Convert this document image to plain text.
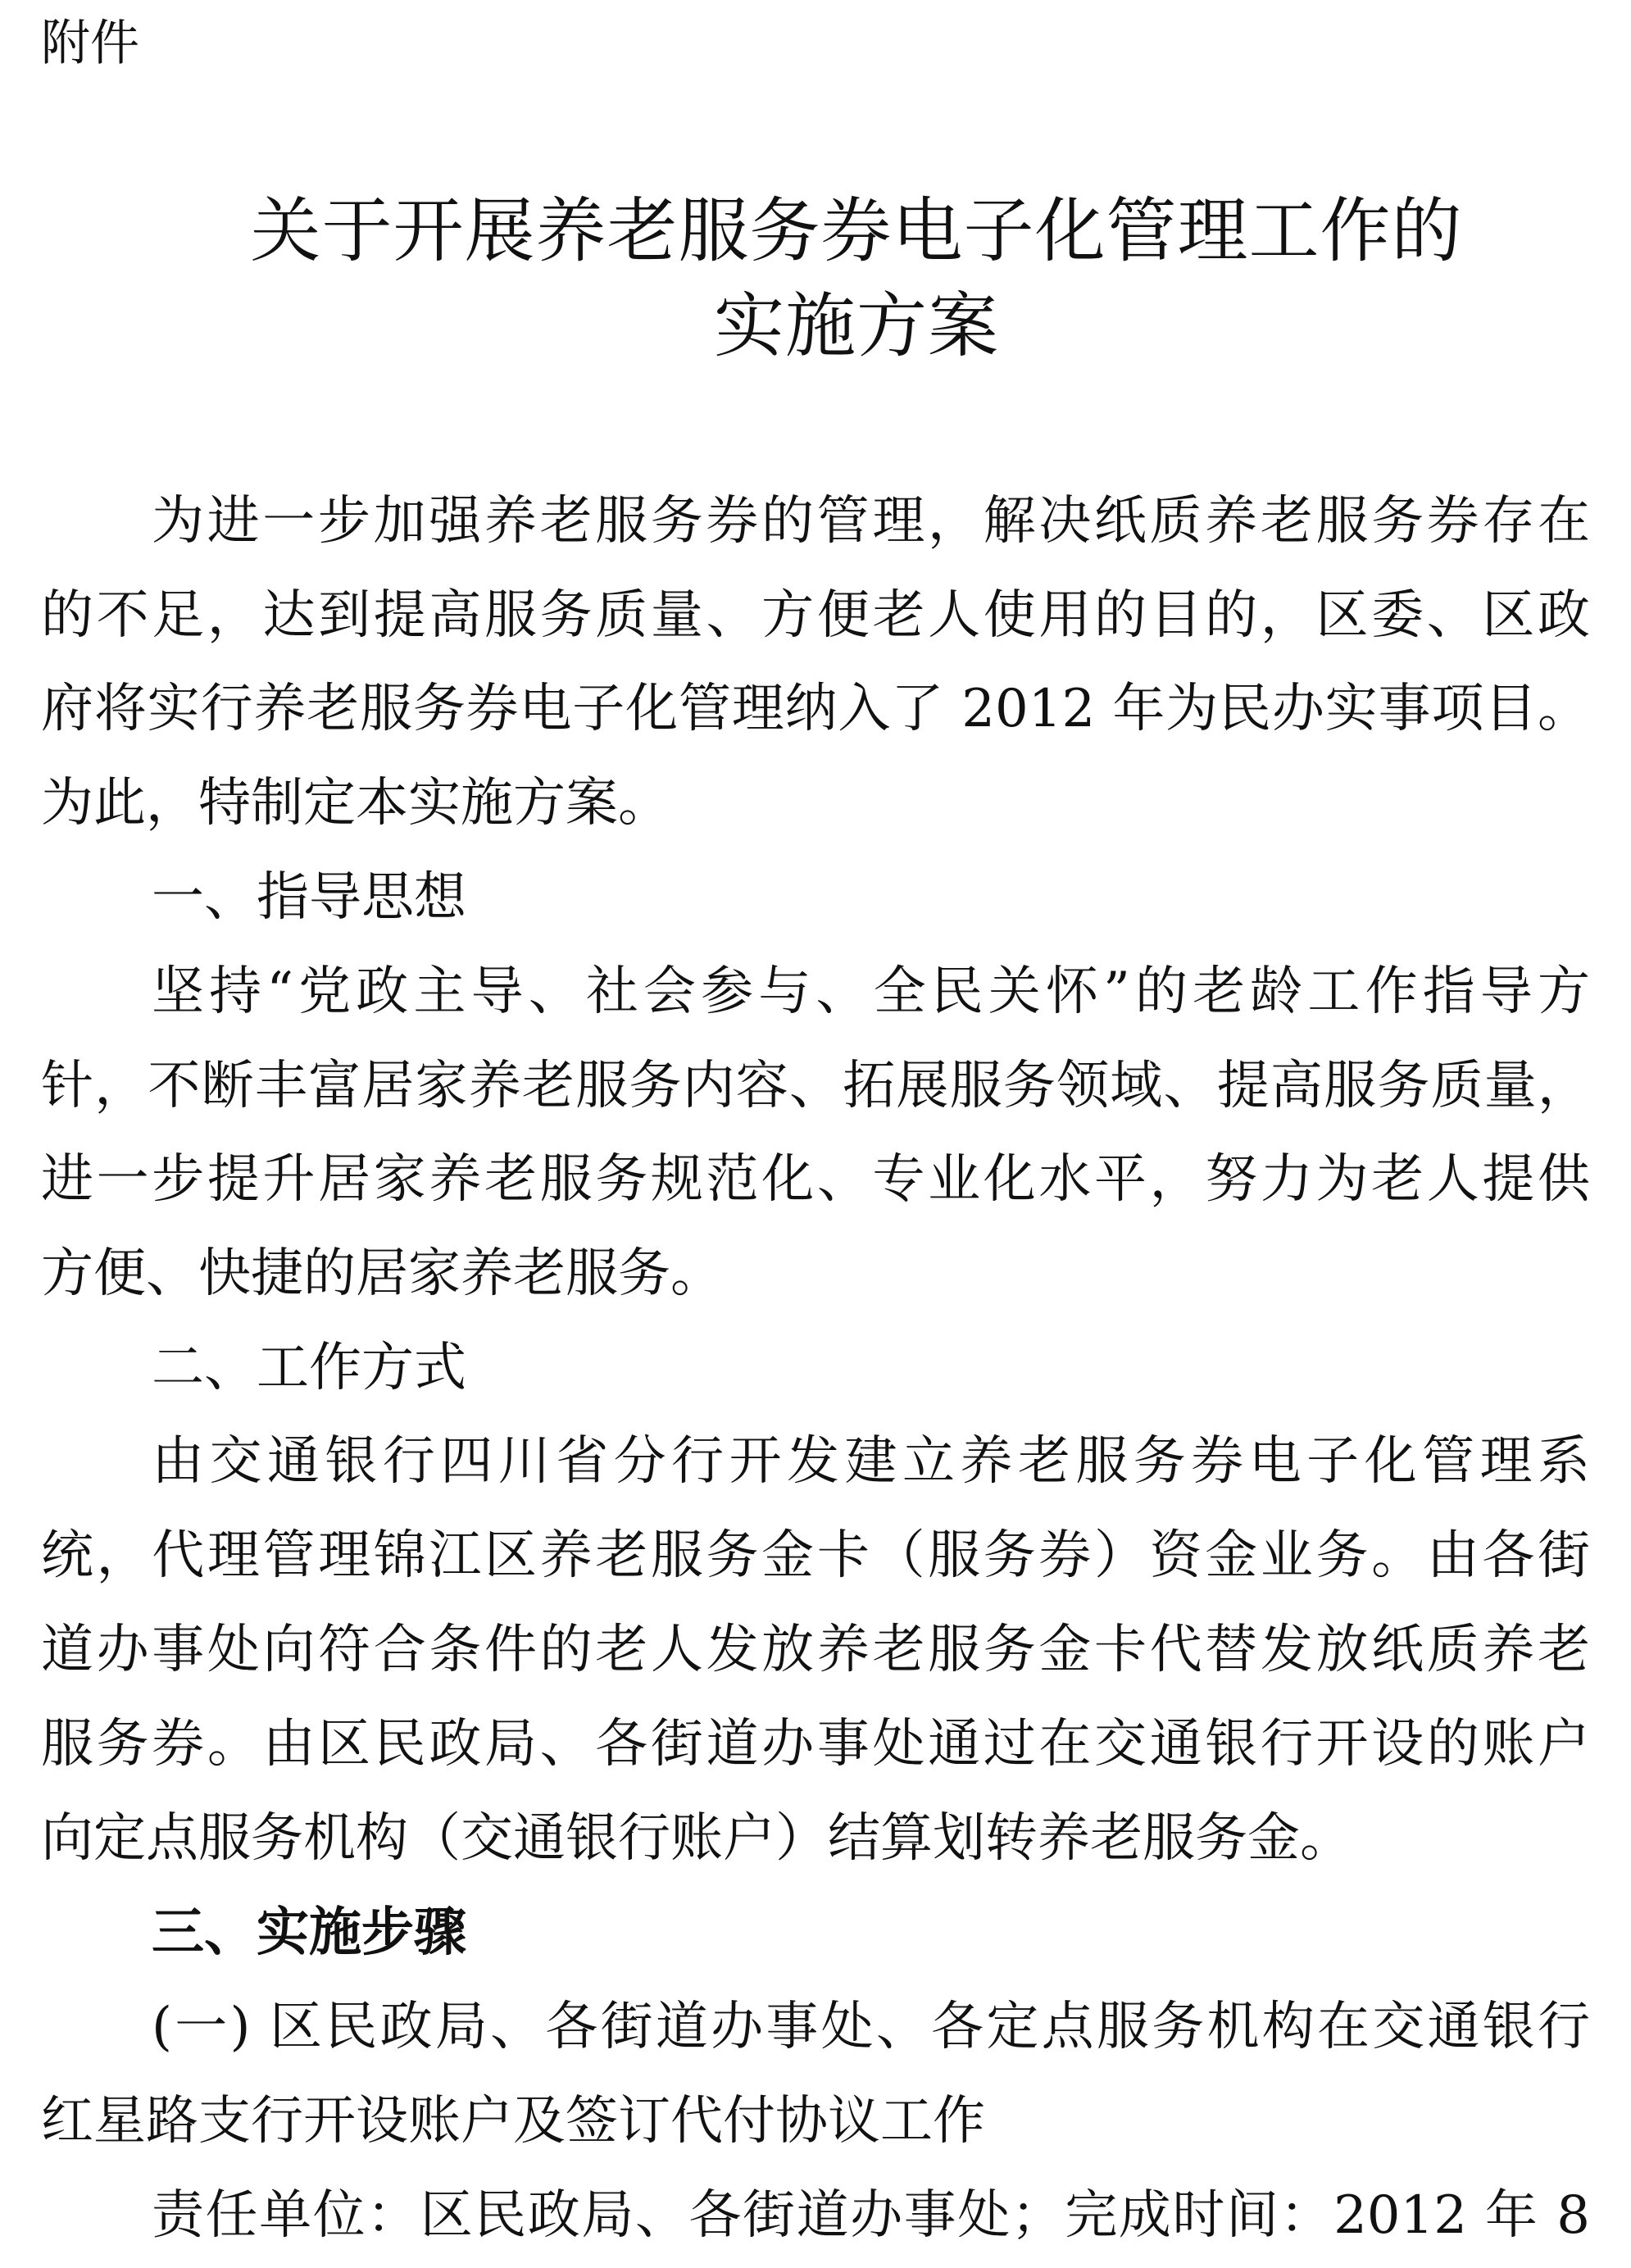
附件
关于开展养老服务券电子化管理工作的
实施方案
为进一步加强养老服务券的管理，解决纸质养老服务券存在
的不足，达到提高服务质量、方便老人使用的目的，区委、区政
府将实行养老服务券电子化管理纳入了 2012 年为民办实事项目。
为此，特制定本实施方案。
一、指导思想
坚持“党政主导、社会参与、全民关怀”的老龄工作指导方
针，不断丰富居家养老服务内容、拓展服务领域、提高服务质量，
进一步提升居家养老服务规范化、专业化水平，努力为老人提供
方便、快捷的居家养老服务。
二、工作方式
由交通银行四川省分行开发建立养老服务券电子化管理系
统，代理管理锦江区养老服务金卡（服务券）资金业务。由各街
道办事处向符合条件的老人发放养老服务金卡代替发放纸质养老
服务券。由区民政局、各街道办事处通过在交通银行开设的账户
向定点服务机构（交通银行账户）结算划转养老服务金。
三、实施步骤
(一) 区民政局、各街道办事处、各定点服务机构在交通银行
红星路支行开设账户及签订代付协议工作
责任单位：区民政局、各街道办事处；完成时间：2012 年 8
